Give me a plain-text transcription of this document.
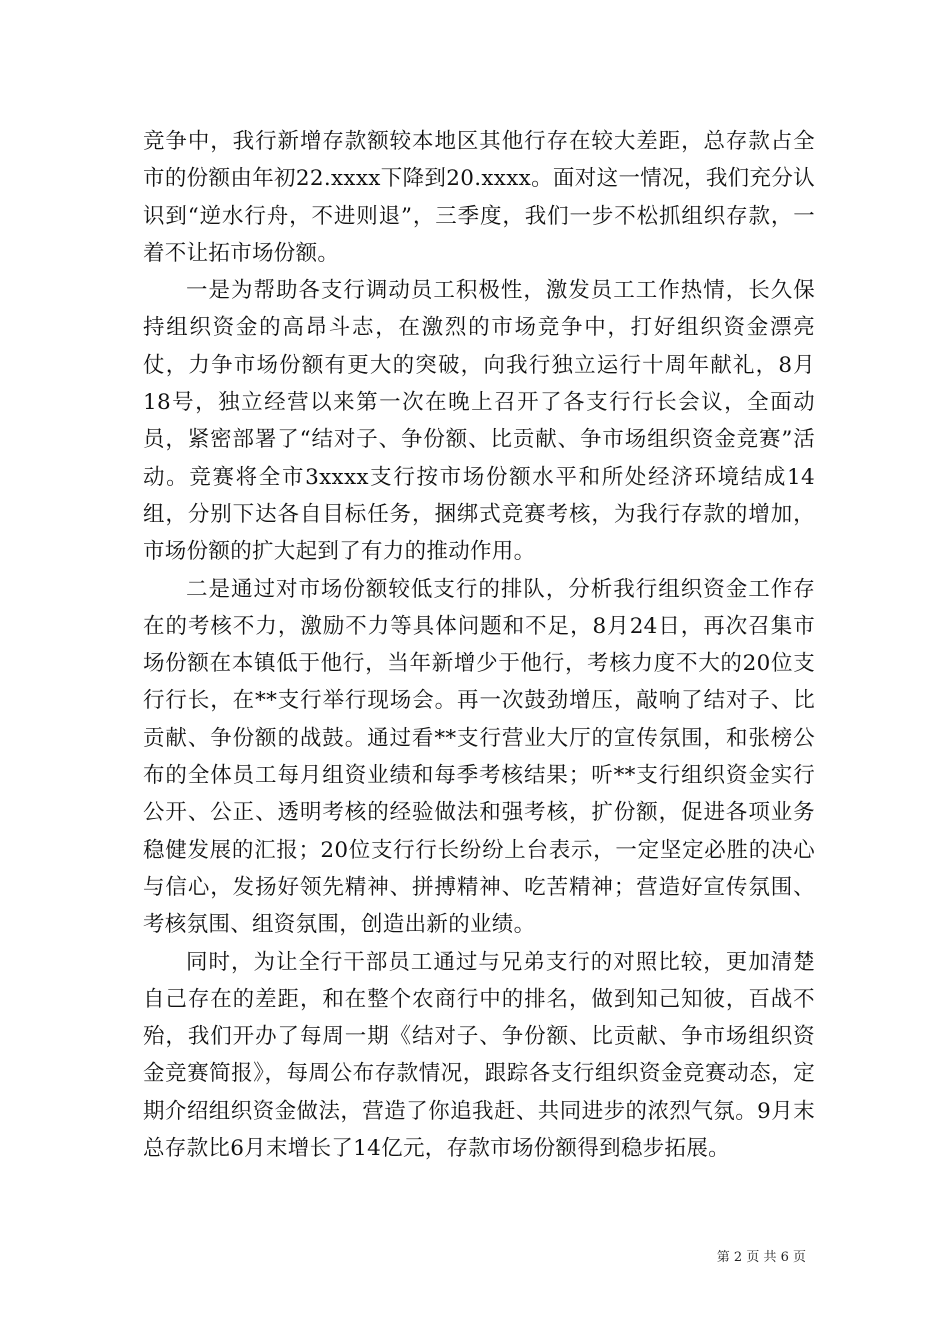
竞争中，我行新增存款额较本地区其他行存在较大差距，总存款占全市的份额由年初22.xxxx下降到20.xxxx。面对这一情况，我们充分认识到“逆水行舟，不进则退”，三季度，我们一步不松抓组织存款，一着不让拓市场份额。

一是为帮助各支行调动员工积极性，激发员工工作热情，长久保持组织资金的高昂斗志，在激烈的市场竞争中，打好组织资金漂亮仗，力争市场份额有更大的突破，向我行独立运行十周年献礼，8月18号，独立经营以来第一次在晚上召开了各支行行长会议，全面动员，紧密部署了“结对子、争份额、比贡献、争市场组织资金竞赛”活动。竞赛将全市3xxxx支行按市场份额水平和所处经济环境结成14组，分别下达各自目标任务，捆绑式竞赛考核，为我行存款的增加，市场份额的扩大起到了有力的推动作用。

二是通过对市场份额较低支行的排队，分析我行组织资金工作存在的考核不力，激励不力等具体问题和不足，8月24日，再次召集市场份额在本镇低于他行，当年新增少于他行，考核力度不大的20位支行行长，在**支行举行现场会。再一次鼓劲增压，敲响了结对子、比贡献、争份额的战鼓。通过看**支行营业大厅的宣传氛围，和张榜公布的全体员工每月组资业绩和每季考核结果；听**支行组织资金实行公开、公正、透明考核的经验做法和强考核，扩份额，促进各项业务稳健发展的汇报；20位支行行长纷纷上台表示，一定坚定必胜的决心与信心，发扬好领先精神、拼搏精神、吃苦精神；营造好宣传氛围、考核氛围、组资氛围，创造出新的业绩。

同时，为让全行干部员工通过与兄弟支行的对照比较，更加清楚自己存在的差距，和在整个农商行中的排名，做到知己知彼，百战不殆，我们开办了每周一期《结对子、争份额、比贡献、争市场组织资金竞赛简报》，每周公布存款情况，跟踪各支行组织资金竞赛动态，定期介绍组织资金做法，营造了你追我赶、共同进步的浓烈气氛。9月末总存款比6月末增长了14亿元，存款市场份额得到稳步拓展。

第 2 页 共 6 页
